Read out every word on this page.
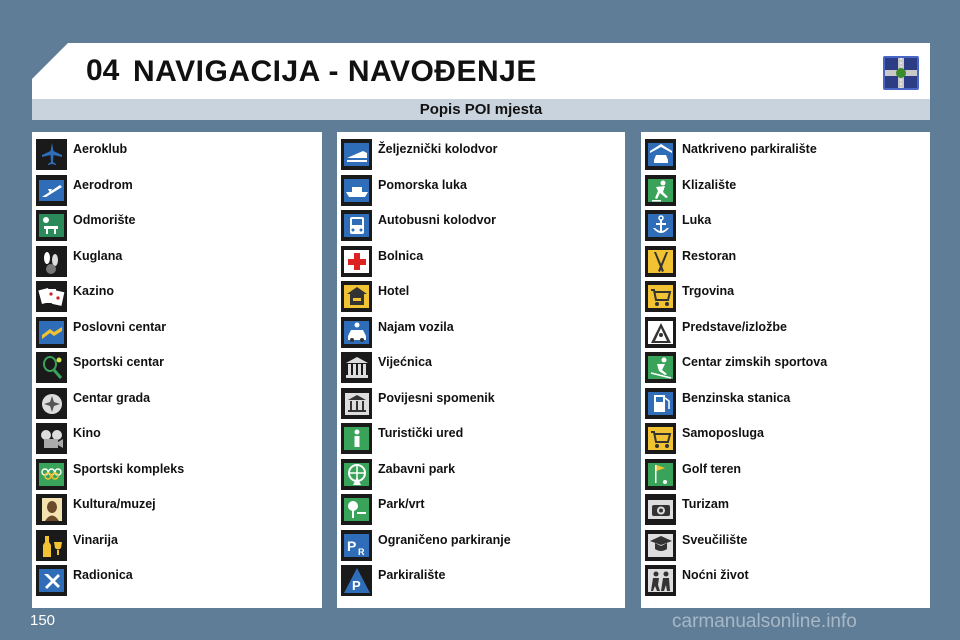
04 NAVIGACIJA - NAVOĐENJE
Popis POI mjesta
Aeroklub
Aerodrom
Odmorište
Kuglana
Kazino
Poslovni centar
Sportski centar
Centar grada
Kino
Sportski kompleks
Kultura/muzej
Vinarija
Radionica
Željeznički kolodvor
Pomorska luka
Autobusni kolodvor
Bolnica
Hotel
Najam vozila
Vijećnica
Povijesni spomenik
Turistički ured
Zabavni park
Park/vrt
P R
Ograničeno parkiranje
P
Parkiralište
Natkriveno parkiralište
Klizalište
Luka
Restoran
Trgovina
Predstave/izložbe
Centar zimskih sportova
Benzinska stanica
Samoposluga
Golf teren
Turizam
Sveučilište
Noćni život
150	carmanualsonline.info
